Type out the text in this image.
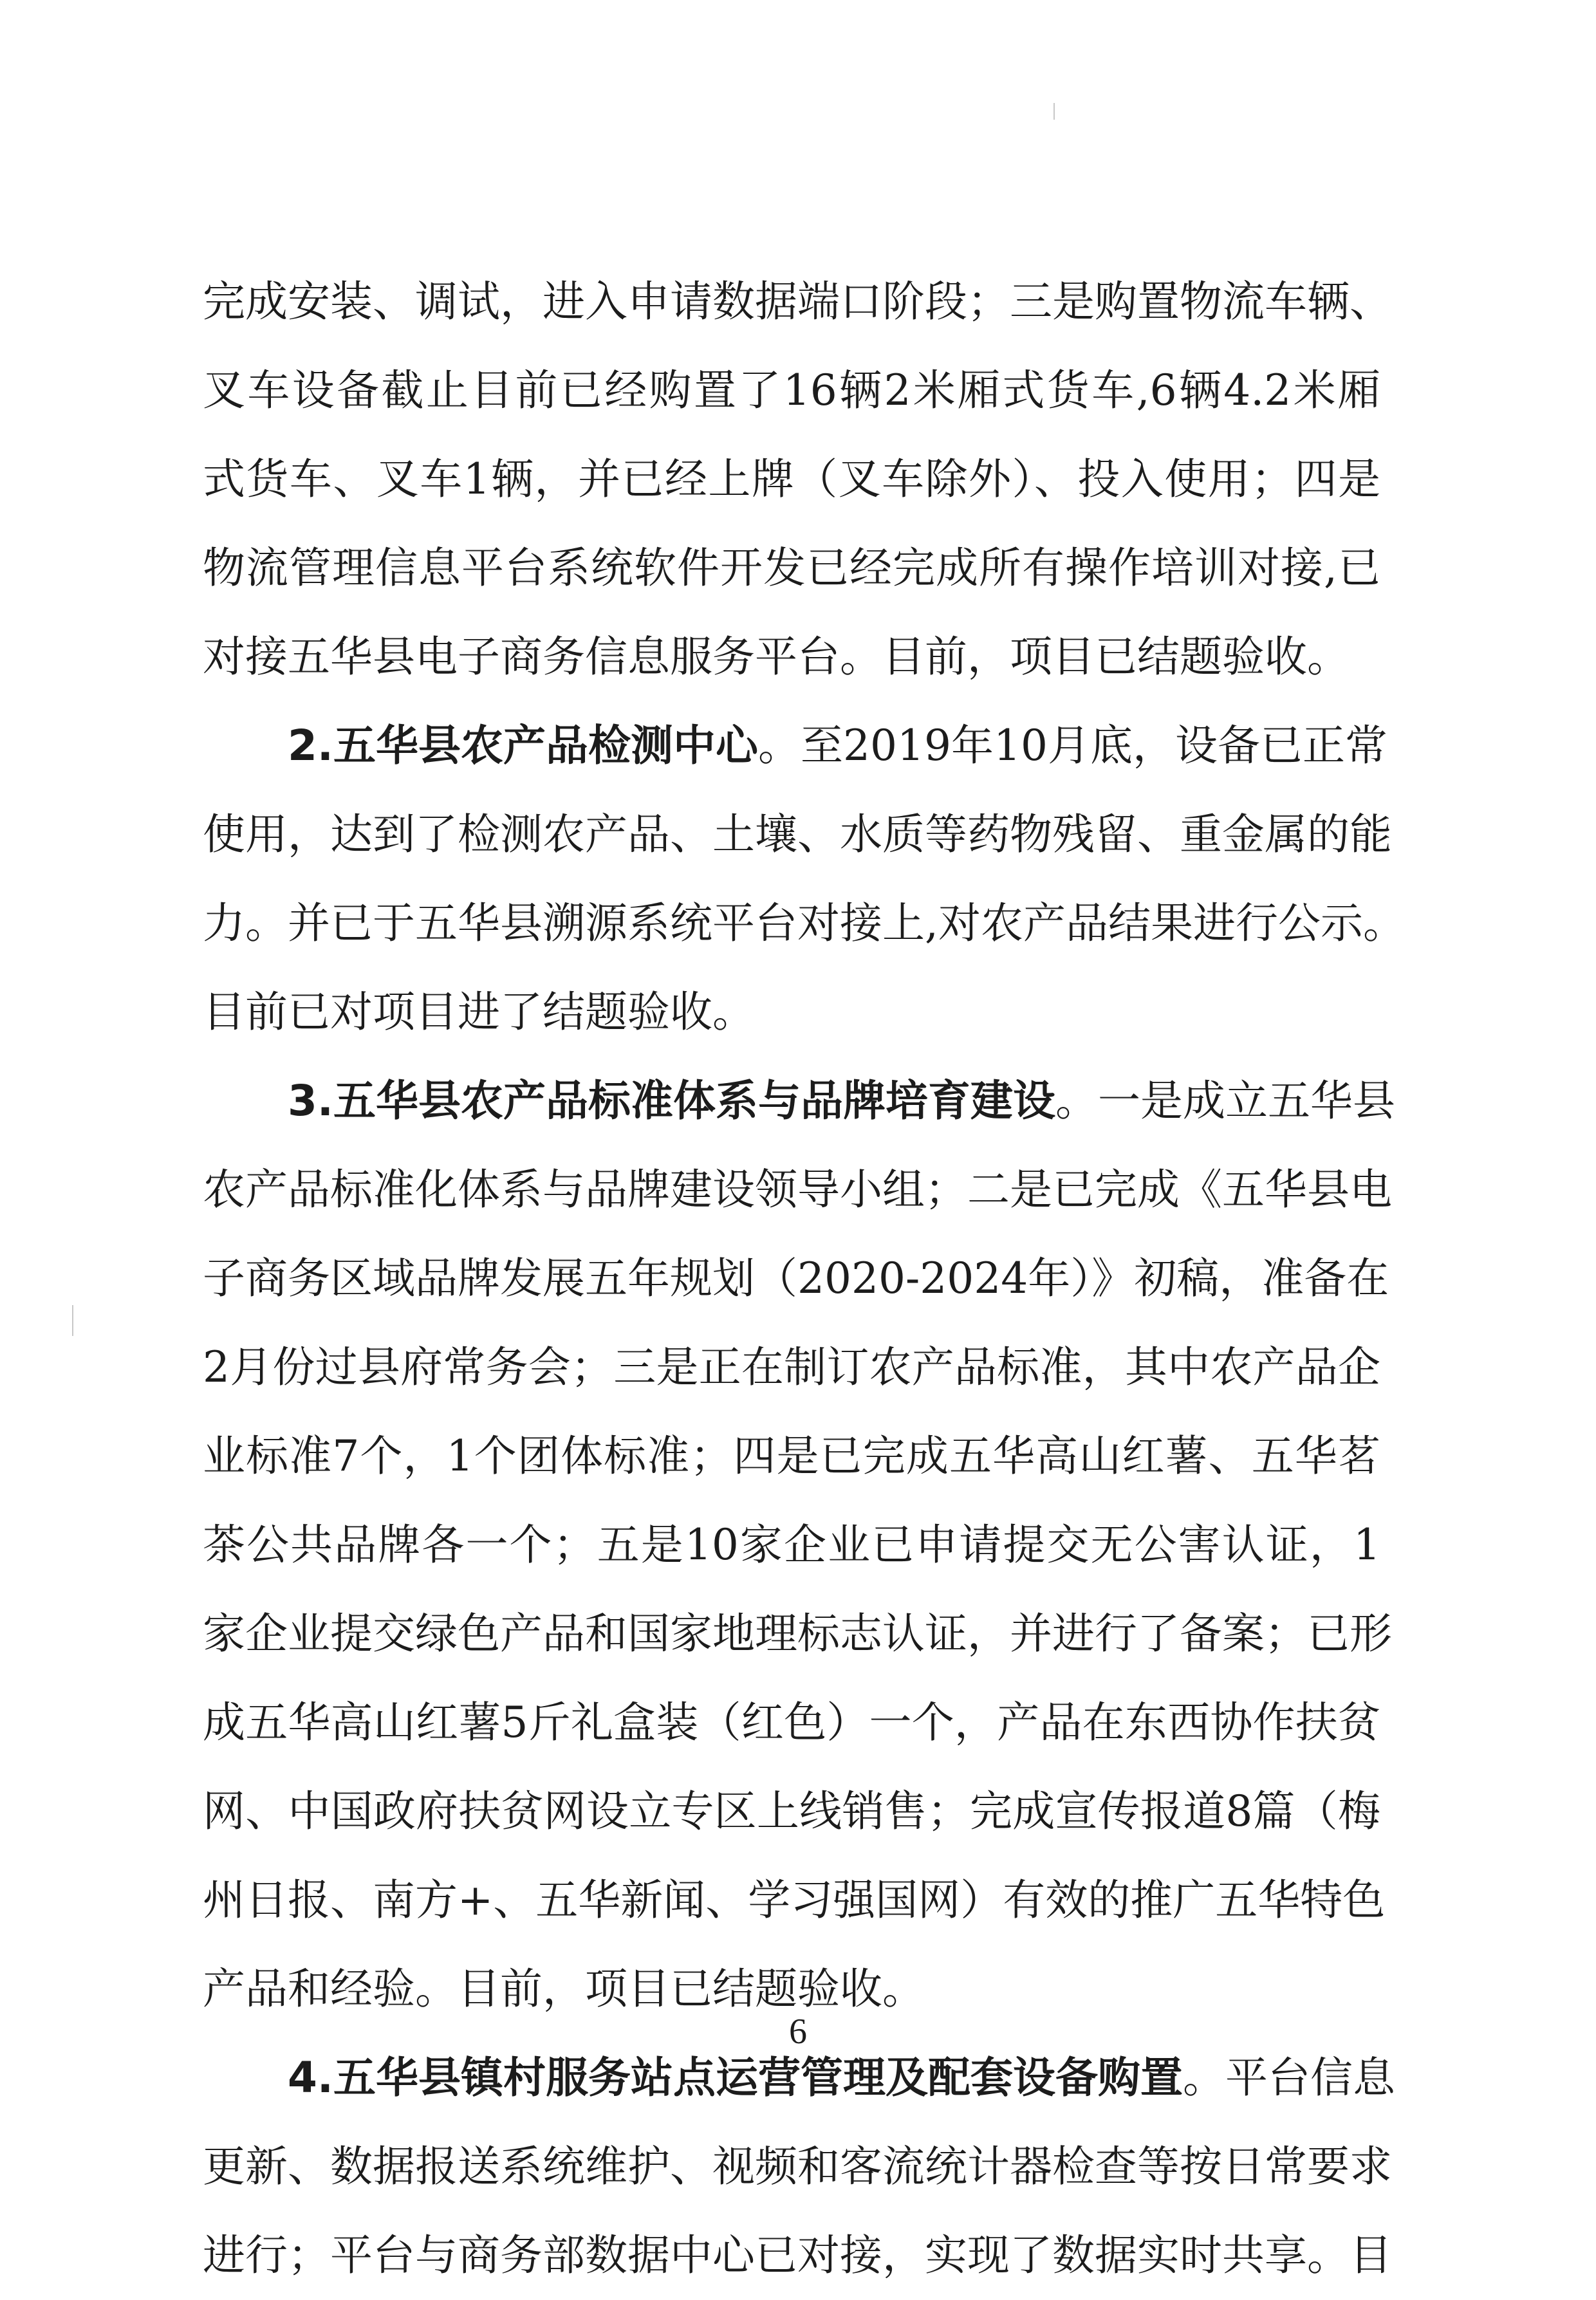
完成安装、调试，进入申请数据端口阶段；三是购置物流车辆、
叉车设备截止目前已经购置了16辆2米厢式货车,6辆4.2米厢
式货车、叉车1辆，并已经上牌（叉车除外）、投入使用；四是
物流管理信息平台系统软件开发已经完成所有操作培训对接,已
对接五华县电子商务信息服务平台。目前，项目已结题验收。
2.五华县农产品检测中心。至2019年10月底，设备已正常
使用，达到了检测农产品、土壤、水质等药物残留、重金属的能
力。并已于五华县溯源系统平台对接上,对农产品结果进行公示。
目前已对项目进了结题验收。
3.五华县农产品标准体系与品牌培育建设。一是成立五华县
农产品标准化体系与品牌建设领导小组；二是已完成《五华县电
子商务区域品牌发展五年规划（2020-2024年）》初稿，准备在
2月份过县府常务会；三是正在制订农产品标准，其中农产品企
业标准7个，1个团体标准；四是已完成五华高山红薯、五华茗
茶公共品牌各一个；五是10家企业已申请提交无公害认证，1
家企业提交绿色产品和国家地理标志认证，并进行了备案；已形
成五华高山红薯5斤礼盒装（红色）一个，产品在东西协作扶贫
网、中国政府扶贫网设立专区上线销售；完成宣传报道8篇（梅
州日报、南方+、五华新闻、学习强国网）有效的推广五华特色
产品和经验。目前，项目已结题验收。
4.五华县镇村服务站点运营管理及配套设备购置。平台信息
更新、数据报送系统维护、视频和客流统计器检查等按日常要求
进行；平台与商务部数据中心已对接，实现了数据实时共享。目
6
